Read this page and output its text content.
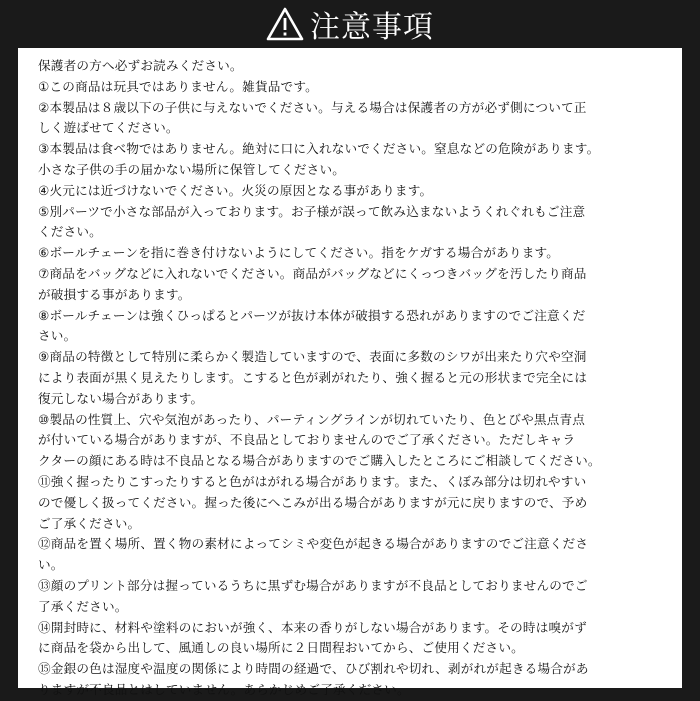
注意事項

保護者の方へ必ずお読みください。

①この商品は玩具ではありません。雑貨品です。

②本製品は８歳以下の子供に与えないでください。与える場合は保護者の方が必ず側について正

しく遊ばせてください。

③本製品は食べ物ではありません。絶対に口に入れないでください。窒息などの危険があります。

小さな子供の手の届かない場所に保管してください。

④火元には近づけないでください。火災の原因となる事があります。

⑤別パーツで小さな部品が入っております。お子様が誤って飲み込まないようくれぐれもご注意

ください。

⑥ボールチェーンを指に巻き付けないようにしてください。指をケガする場合があります。

⑦商品をバッグなどに入れないでください。商品がバッグなどにくっつきバッグを汚したり商品

が破損する事があります。

⑧ボールチェーンは強くひっぱるとパーツが抜け本体が破損する恐れがありますのでご注意くだ

さい。

⑨商品の特徴として特別に柔らかく製造していますので、表面に多数のシワが出来たり穴や空洞

により表面が黒く見えたりします。こすると色が剥がれたり、強く握ると元の形状まで完全には

復元しない場合があります。

⑩製品の性質上、穴や気泡があったり、パーティングラインが切れていたり、色とびや黒点青点

が付いている場合がありますが、不良品としておりませんのでご了承ください。ただしキャラ

クターの顔にある時は不良品となる場合がありますのでご購入したところにご相談してください。

⑪強く握ったりこすったりすると色がはがれる場合があります。また、くぼみ部分は切れやすい

ので優しく扱ってください。握った後にへこみが出る場合がありますが元に戻りますので、予め

ご了承ください。

⑫商品を置く場所、置く物の素材によってシミや変色が起きる場合がありますのでご注意くださ

い。

⑬顔のプリント部分は握っているうちに黒ずむ場合がありますが不良品としておりませんのでご

了承ください。

⑭開封時に、材料や塗料のにおいが強く、本来の香りがしない場合があります。その時は嗅がず

に商品を袋から出して、風通しの良い場所に２日間程おいてから、ご使用ください。

⑮金銀の色は湿度や温度の関係により時間の経過で、ひび割れや切れ、剥がれが起きる場合があ

りますが不良品とはしていません。あらかじめご了承ください。
